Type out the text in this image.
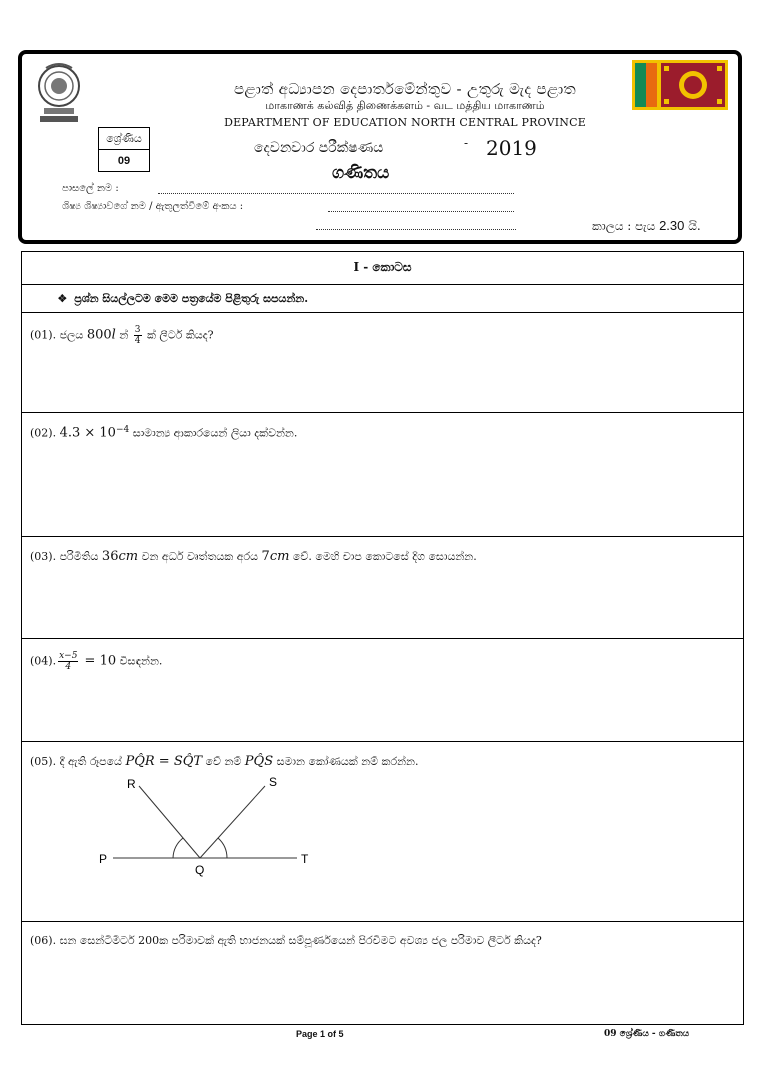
පළාත් අධ්‍යාපන දෙපාර්තමේන්තුව - උතුරු මැද පළාත
மாகாணக் கல்வித் திணைக்களம் - வட மத்திய மாகாணம்
DEPARTMENT OF EDUCATION NORTH CENTRAL PROVINCE
ශ්‍රේණිය
09
දෙවනවාර පරීක්ෂණය	- 2019
ගණිතය
පාසලේ නම :
ශිෂ්‍ය ශිෂ්‍යාවගේ නම / ඇතුලත්වීමේ අංකය :
කාලය : පැය 2.30 යි.
I - කොටස
❖ ප්‍රශ්න සියල්ලටම මෙම පත්‍රයේම පිළිතුරු සපයන්න.
(01). ජලය 800l න් $\frac{3}{4}$ ක් ලීටර් කියද?
(02). $4.3 \times 10^{-4}$ සාමාන්‍ය ආකාරයෙන් ලියා දක්වන්න.
(03). පරිමිතිය 36cm වන අර්ධ වෘත්තයක අරය 7cm වේ. මෙහි චාප කොටසේ දිග සොයන්න.
(04). $\frac{x-5}{4} = 10$ විසඳන්න.
(05). දී ඇති රූපයේ PQ̂R = SQ̂T වේ නම් PQ̂S සමාන කෝණයක් නම් කරන්න.
(06). ඝන සෙන්ටිමීටර් 200ක පරිමාවක් ඇති භාජනයක් සම්පූර්ණයෙන් පිරවීමට අවශ්‍ය ජල පරිමාව ලීටර් කියද?
R	S
P
Q
T
Page 1 of 5	09 ශ්‍රේණිය - ගණිතය
